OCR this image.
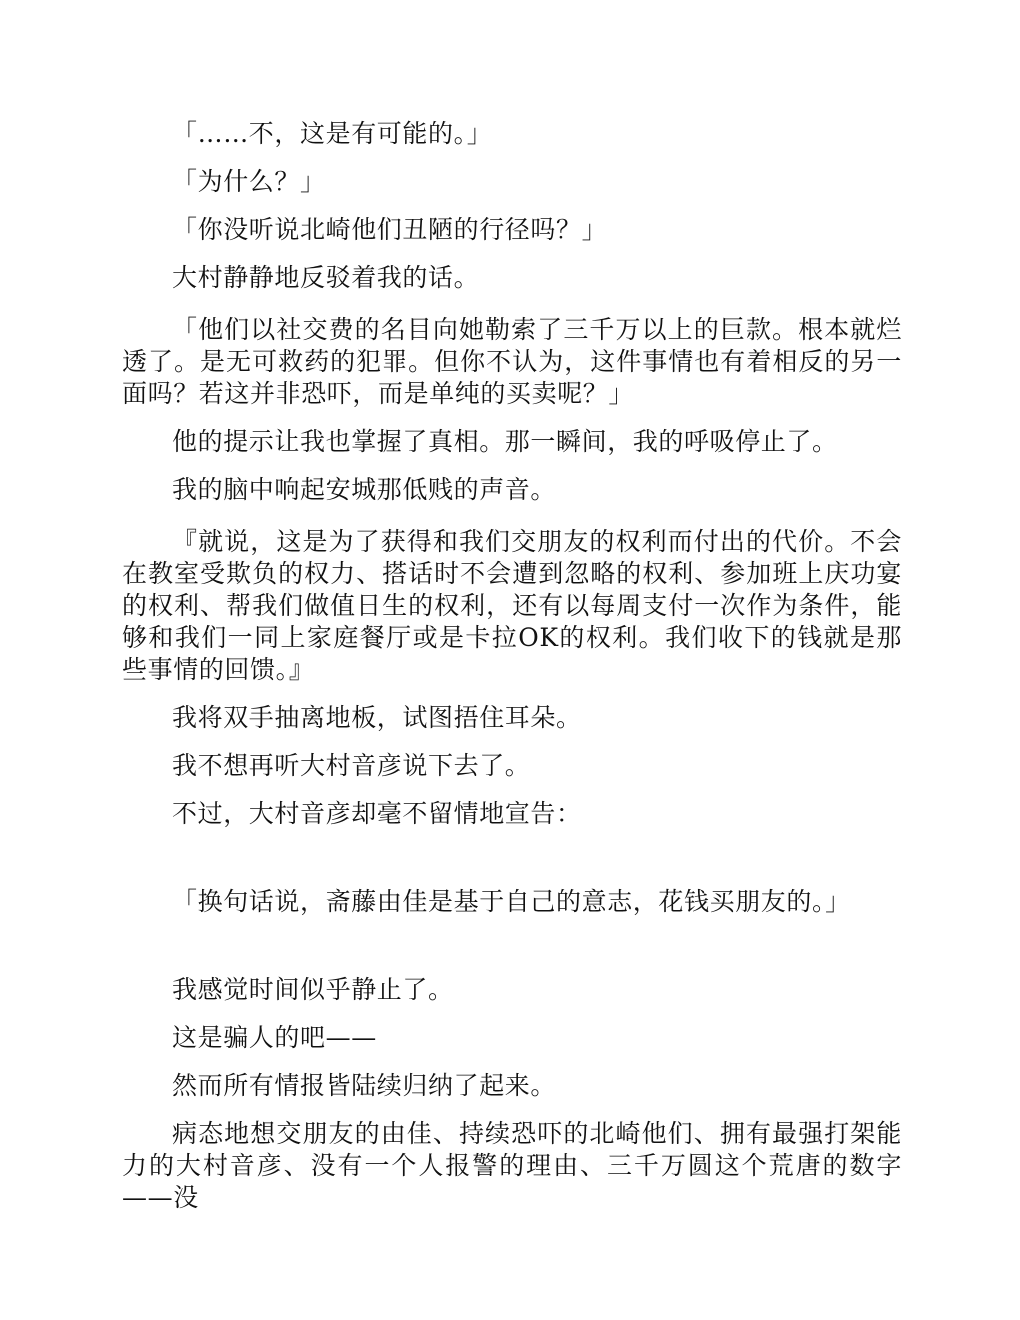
「……不，这是有可能的。」

「为什么？」

「你没听说北崎他们丑陋的行径吗？」

大村静静地反驳着我的话。

「他们以社交费的名目向她勒索了三千万以上的巨款。根本就烂透了。是无可救药的犯罪。但你不认为，这件事情也有着相反的另一面吗？若这并非恐吓，而是单纯的买卖呢？」

他的提示让我也掌握了真相。那一瞬间，我的呼吸停止了。

我的脑中响起安城那低贱的声音。

『就说，这是为了获得和我们交朋友的权利而付出的代价。不会在教室受欺负的权力、搭话时不会遭到忽略的权利、参加班上庆功宴的权利、帮我们做值日生的权利，还有以每周支付一次作为条件，能够和我们一同上家庭餐厅或是卡拉OK的权利。我们收下的钱就是那些事情的回馈。』

我将双手抽离地板，试图捂住耳朵。

我不想再听大村音彦说下去了。

不过，大村音彦却毫不留情地宣告：

「换句话说，斋藤由佳是基于自己的意志，花钱买朋友的。」

我感觉时间似乎静止了。

这是骗人的吧——

然而所有情报皆陆续归纳了起来。

病态地想交朋友的由佳、持续恐吓的北崎他们、拥有最强打架能力的大村音彦、没有一个人报警的理由、三千万圆这个荒唐的数字——没
